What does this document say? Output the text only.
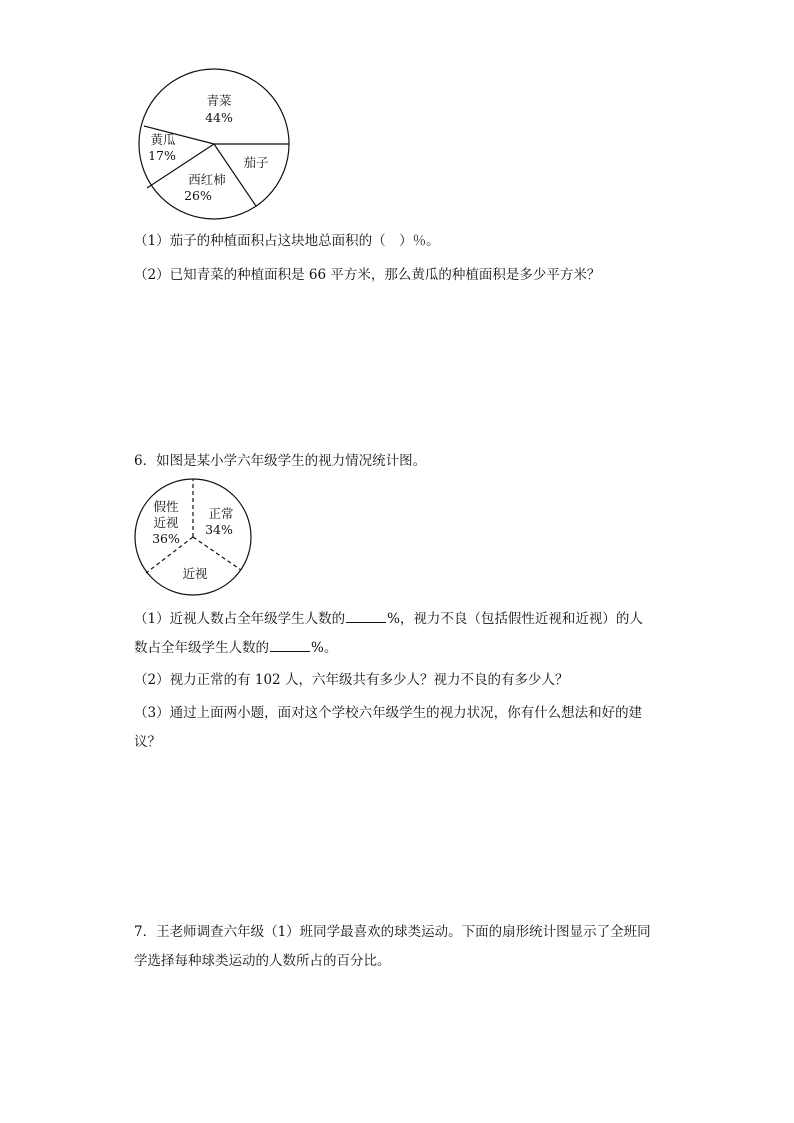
青菜
44%
黄瓜
17%
西红柿
26%
茄子
（1）茄子的种植面积占这块地总面积的（　）％。
（2）已知青菜的种植面积是 66 平方米，那么黄瓜的种植面积是多少平方米？
6．如图是某小学六年级学生的视力情况统计图。
假性
近视
36%
正常
34%
近视
（1）近视人数占全年级学生人数的	%，视力不良（包括假性近视和近视）的人
数占全年级学生人数的	%。
（2）视力正常的有 102 人，六年级共有多少人？视力不良的有多少人？
（3）通过上面两小题，面对这个学校六年级学生的视力状况，你有什么想法和好的建
议？
7．王老师调查六年级（1）班同学最喜欢的球类运动。下面的扇形统计图显示了全班同
学选择每种球类运动的人数所占的百分比。
